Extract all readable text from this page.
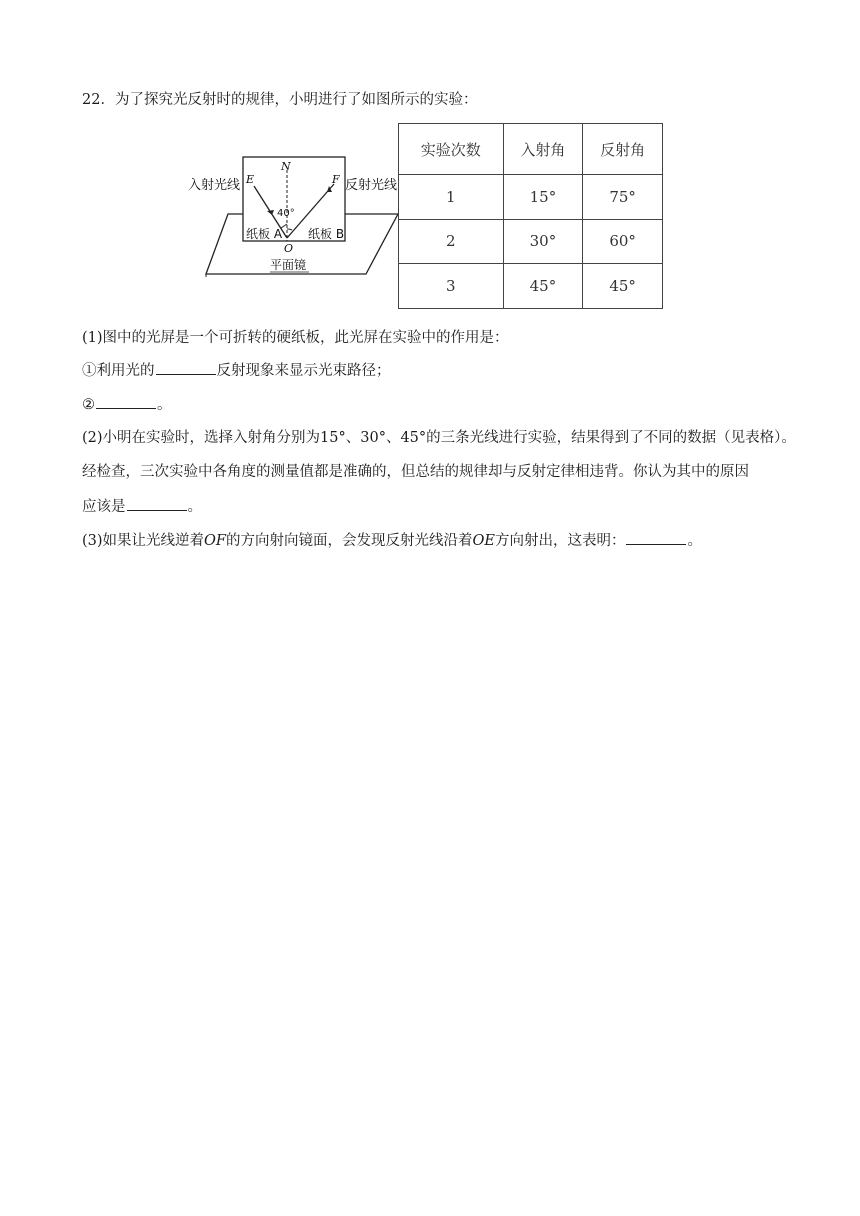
22．为了探究光反射时的规律，小明进行了如图所示的实验：
入射光线 E	F
N
反射光线
40°
纸板 A 纸板 B
O
平面镜
实验次数	入射角	反射角
1	15°	75°
2	30°	60°
3	45°	45°
(1)图中的光屏是一个可折转的硬纸板，此光屏在实验中的作用是：
①利用光的	反射现象来显示光束路径；
②	。
(2)小明在实验时，选择入射角分别为15°、30°、45°的三条光线进行实验，结果得到了不同的数据（见表格）。
经检查，三次实验中各角度的测量值都是准确的，但总结的规律却与反射定律相违背。你认为其中的原因
应该是	。
(3)如果让光线逆着OF的方向射向镜面，会发现反射光线沿着OE方向射出，这表明：	。
